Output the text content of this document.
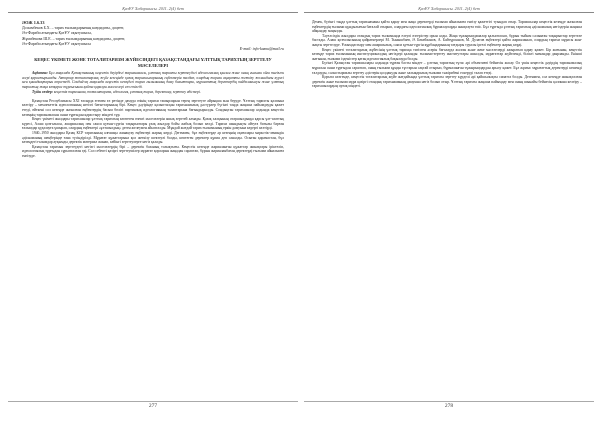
ҚазҰУ Хабаршысы. 2011. 2(4) бет
ӘОЖ 1.6.33
Досымбеков Б.Х. – тарих ғылымдарының кандидаты, доцент,
Әл-Фараби атындағы ҚазҰУ оқытушысы,
Жұмабекова Ш.Е. – тарих ғылымдарының кандидаты, доцент,
Әл-Фараби атындағы ҚазҰУ оқытушысы
E-mail: info-kaznu@mail.ru
КЕҢЕС ҮКІМЕТІ ЖОНЕ ТОТАЛИТАРИЗМ ЖҮЙЕСІНДЕГІ ҚАЗАҚСТАНДАҒЫ ҰЛТТЫҚ ТАРИХТЫҢ ЗЕРТТЕЛУ МӘСЕЛЕЛЕРІ

Аңдатпа: Бұл мақалада Қазақстанның кеңестік дәуірдегі тарихнамасы, ұлттық тарихты зерттеудегі идеологиялық қысым және оның ғылыми ойға тигізген әсері қарастырылады. Авторлар тоталитарлық жүйе кезеңінде қазақ тарихшыларының еңбектерін талдап, олардың тарихи ақиқатты жеткізу жолындағы күресі мен қиындықтарын көрсетеді. Сондай-ақ мақалада кеңестік кезеңдегі тарих ғылымының даму бағыттары, мұрағаттық деректердің пайдаланылуы және ұлттық тарихтың жаңа көзқарас тұрғысынан қайта қаралуы мәселелері сөз етіледі.

Түйін сөздер: кеңестік тарихнама, тоталитаризм, идеология, ұлттық тарих, деректану, зерттеу әдістері.

Қазақстан Республикасы ХХІ ғасырда егемен ел ретінде дамуда өзінің тарихи тамырларын терең зерттеуге айрықша мән беруде. Ұлттық тарихты қалпына келтіру – мемлекеттік идеологияның негізгі бағыттарының бірі. Кеңес дәуірінде қалыптасқан тарихнамалық дәстүрлер бүгінгі таңда жаңаша пайымдауды қажет етеді, өйткені сол кезеңде жазылған еңбектердің басым бөлігі партиялық идеологияның талаптарына бағындырылды. Сондықтан тарихшылар алдында кеңестік кезеңнің тарихнамасын сыни тұрғыдан қарастыру міндеті тұр.

Кеңес үкіметі жылдары тарихшылар ұлттық тарихтың көптеген өзекті мәселелерін ашық зерттей алмады. Қазақ халқының отаршылдыққа қарсы ұлт-азаттық күресі, Алаш қозғалысы, ашаршылық пен саяси қуғын-сүргін тақырыптары ұзақ жылдар бойы жабық болып келді. Тарихи шындықты айтуға батылы барған ғалымдар қудалауға ұшырап, олардың еңбектері «ұлтшылдық» деген желеумен айыпталды. Мұндай жағдай тарих ғылымының еркін дамуына кедергі келтірді.

1940–1950 жылдары Қазақ КСР тарихының алғашқы жинақтау еңбектері жарық көрді. Дегенмен, бұл еңбектерде әр кезеңнің оқиғалары маркстік-лениндік әдіснаманың шеңберінде ғана түсіндірілді. Мұрағат құжаттарына қол жеткізу шектеулі болды, көптеген деректер құпия деп саналды. Осыған қарамастан, бұл кезеңдегі ғалымдар ауқымды деректік материал жинап, кейінгі зерттеулерге негіз қалады.

Қазақстан тарихын зерттеудегі негізгі мәселелердің бірі – деректік базаның толықтығы. Кеңестік кезеңде жарияланған құжаттар жинақтары іріктеліп, идеологиялық тұрғыдан сұрыпталған еді. Сол себепті қазіргі зерттеушілер мұрағат қорларын жаңадан сараптап, бұрын жарияланбаған деректерді ғылыми айналымға енгізуде.

277
ҚазҰУ Хабаршысы. 2011. 2(4) бет

Демек, бүгінгі таңда ұлттық тарихнаманы қайта қарау мен жаңа деректерді ғылыми айналымға енгізу қажеттігі туындап отыр. Тарихшылар кеңестік кезеңде жазылған еңбектердің ғылыми құндылығын бағалай отырып, олардағы идеологиялық бұрмалауларды анықтауға тиіс. Бұл тұрғыда ұлттық тарихтың әдіснамалық негіздерін жаңаша айқындау маңызды.

Тәуелсіздік жылдары отандық тарих ғылымында елеулі өзгерістер орын алды. Жаңа тұжырымдамалар қалыптасып, бұрын тыйым салынған тақырыптар зерттеле бастады. Алаш қозғалысының қайраткерлері М. Тынышбаев, Ә. Бөкейханов, А. Байтұрсынов, М. Дулатов еңбектері қайта жарияланып, олардың тарихи мұрасы жан-жақты зерттелуде. Ұжымдастыру мен ашаршылық, саяси қуғын-сүргін құрбандарының тағдыры туралы іргелі еңбектер жарық көрді.

Кеңес үкіметі тоталитарлық жүйесінің ұлттық тарихқа тигізген әсерін бағалауда жалпы және жеке мәселелерді ажыратып қарау қажет. Бір жағынан, кеңестік кезеңде тарих ғылымының институционалдық негіздері қаланды: ғылыми-зерттеу институттары ашылды, мұрағаттар жүйеленді, білікті мамандар даярланды. Екінші жағынан, ғылыми ізденістер қатаң идеологиялық бақылауда болды.

Бүгінгі Қазақстан тарихшылары алдында тұрған басты міндет – ұлттық тарихтың тұтас әрі объективті бейнесін жасау. Ол үшін кеңестік дәуірдің тарихнамалық мұрасын сыни тұрғыдан сараптап, оның ғылыми құнды тұстарын сақтай отырып, бұрмаланған тұжырымдардан арылу қажет. Бұл жұмыс мұрағаттық деректерді кешенді талдауды, салыстырмалы зерттеу әдістерін қолдануды және халықаралық ғылыми тәжірибені ескеруді талап етеді.

Қорыта келгенде, кеңестік тоталитарлық жүйе жағдайында ұлттық тарихты зерттеу күрделі әрі қайшылықты сипатта болды. Дегенмен, сол кезеңде жинақталған деректік және ғылыми мұра қазіргі отандық тарихнаманың дамуына негіз болып отыр. Ұлттық тарихты жаңаша пайымдау мен оның шынайы бейнесін қалпына келтіру – тарихшылардың ортақ міндеті.

278
